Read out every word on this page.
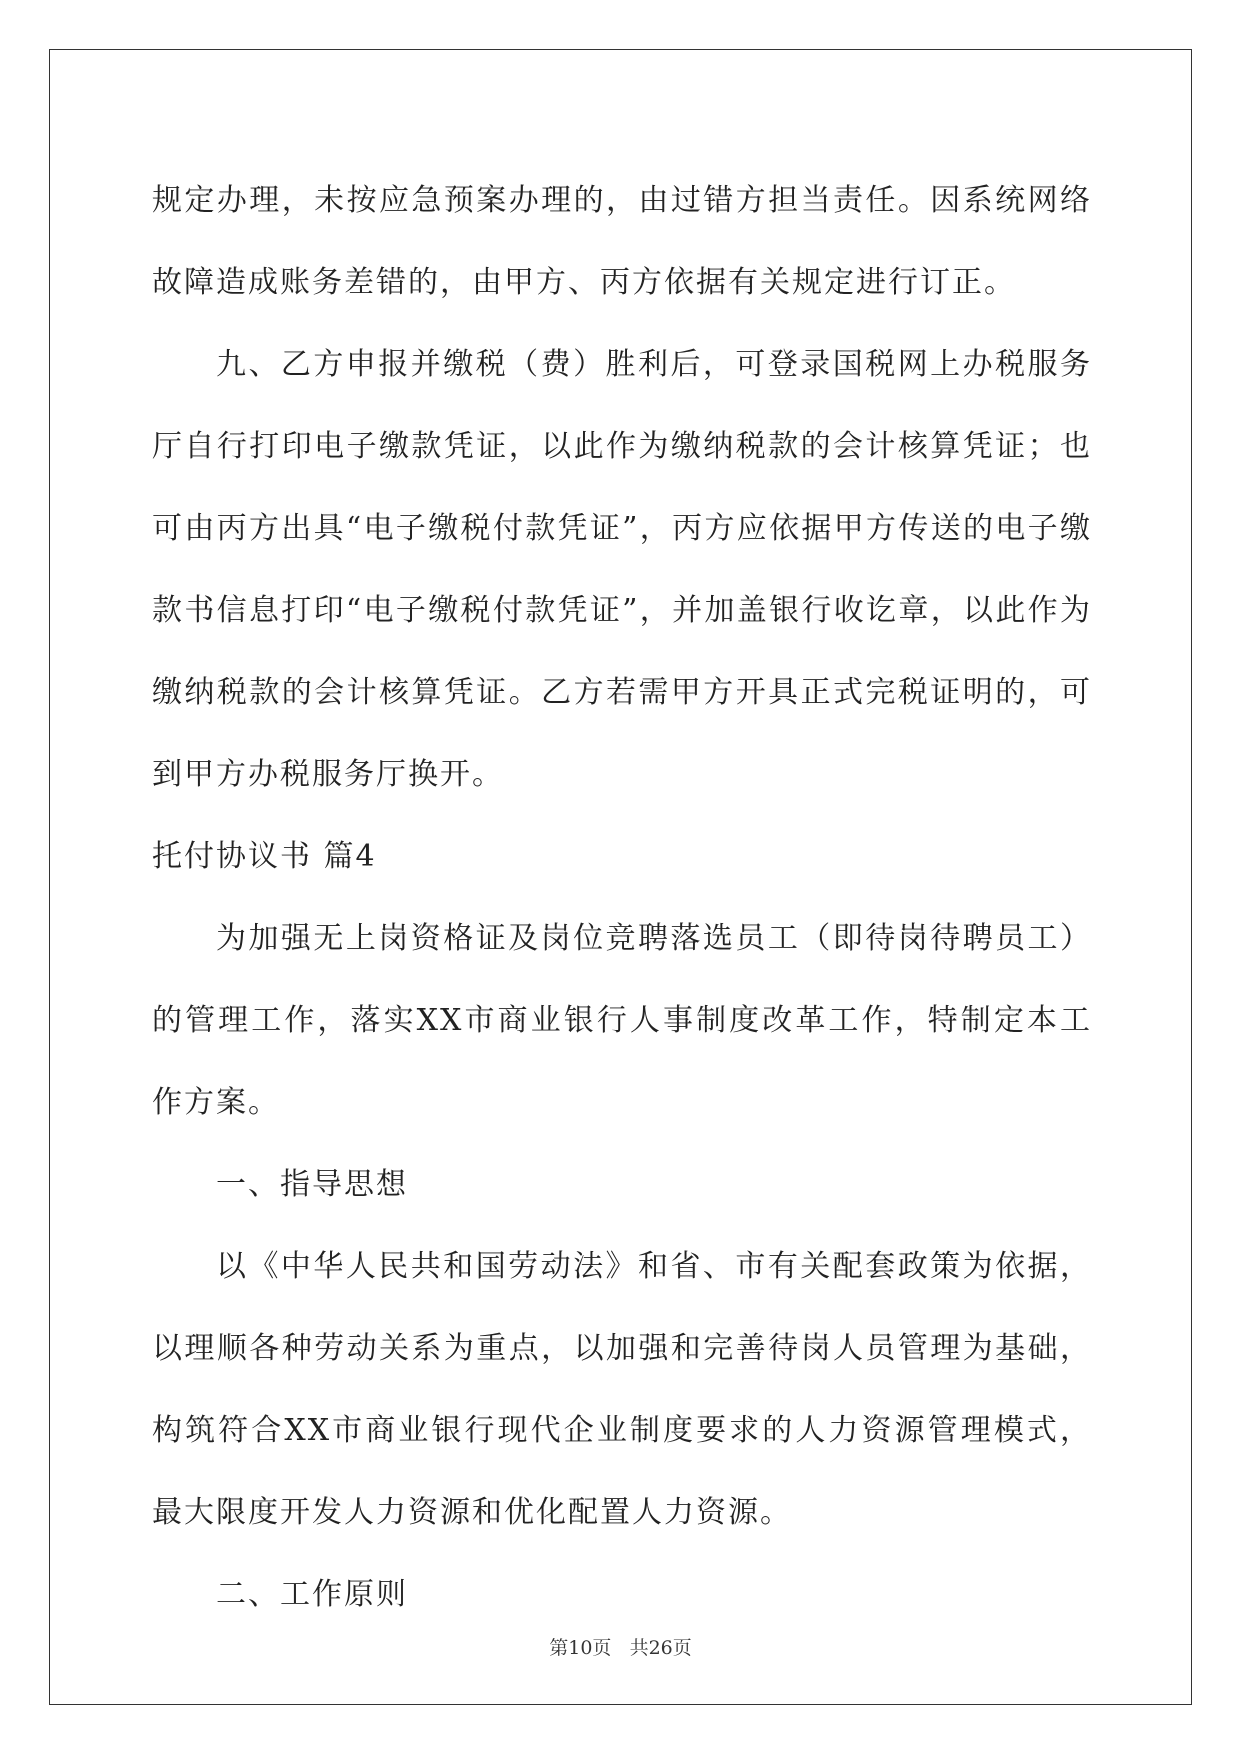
规定办理，未按应急预案办理的，由过错方担当责任。因系统网络故障造成账务差错的，由甲方、丙方依据有关规定进行订正。

九、乙方申报并缴税（费）胜利后，可登录国税网上办税服务厅自行打印电子缴款凭证，以此作为缴纳税款的会计核算凭证；也可由丙方出具“电子缴税付款凭证”，丙方应依据甲方传送的电子缴款书信息打印“电子缴税付款凭证”，并加盖银行收讫章，以此作为缴纳税款的会计核算凭证。乙方若需甲方开具正式完税证明的，可到甲方办税服务厅换开。

托付协议书 篇4

为加强无上岗资格证及岗位竞聘落选员工（即待岗待聘员工）的管理工作，落实XX市商业银行人事制度改革工作，特制定本工作方案。

一、指导思想

以《中华人民共和国劳动法》和省、市有关配套政策为依据，以理顺各种劳动关系为重点，以加强和完善待岗人员管理为基础，构筑符合XX市商业银行现代企业制度要求的人力资源管理模式，最大限度开发人力资源和优化配置人力资源。

二、工作原则

第10页 共26页
